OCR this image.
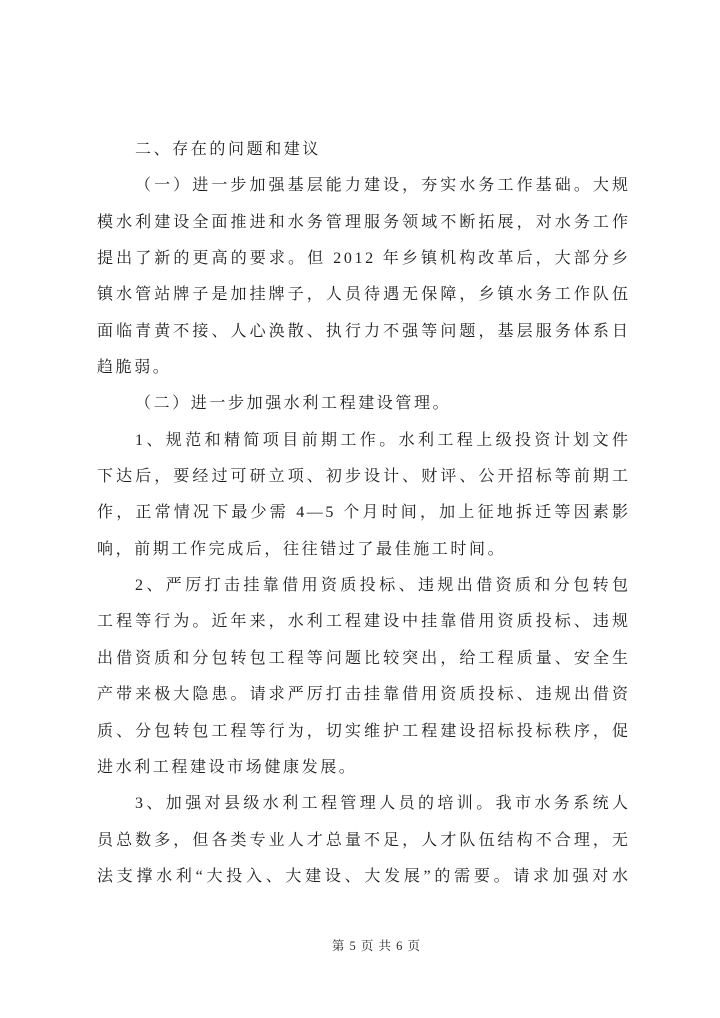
二、存在的问题和建议
（一）进一步加强基层能力建设，夯实水务工作基础。大规
模水利建设全面推进和水务管理服务领域不断拓展，对水务工作
提出了新的更高的要求。但 2012 年乡镇机构改革后，大部分乡
镇水管站牌子是加挂牌子，人员待遇无保障，乡镇水务工作队伍
面临青黄不接、人心涣散、执行力不强等问题，基层服务体系日
趋脆弱。
（二）进一步加强水利工程建设管理。
1、规范和精简项目前期工作。水利工程上级投资计划文件
下达后，要经过可研立项、初步设计、财评、公开招标等前期工
作，正常情况下最少需 4—5 个月时间，加上征地拆迁等因素影
响，前期工作完成后，往往错过了最佳施工时间。
2、严厉打击挂靠借用资质投标、违规出借资质和分包转包
工程等行为。近年来，水利工程建设中挂靠借用资质投标、违规
出借资质和分包转包工程等问题比较突出，给工程质量、安全生
产带来极大隐患。请求严厉打击挂靠借用资质投标、违规出借资
质、分包转包工程等行为，切实维护工程建设招标投标秩序，促
进水利工程建设市场健康发展。
3、加强对县级水利工程管理人员的培训。我市水务系统人
员总数多，但各类专业人才总量不足，人才队伍结构不合理，无
法支撑水利“大投入、大建设、大发展”的需要。请求加强对水
第 5 页 共 6 页
